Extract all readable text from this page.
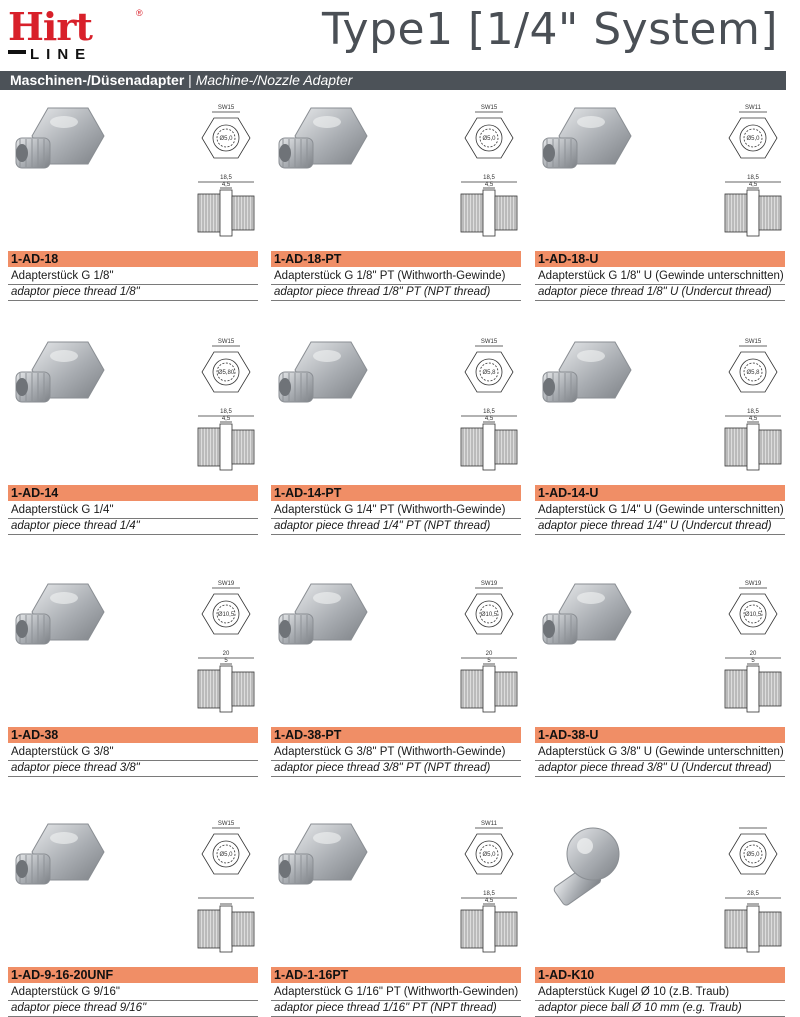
Hirt	®
LINE	Type1 [1/4" System]
Maschinen-/Düsenadapter | Machine-/Nozzle Adapter
SW15
Ø5,0
18,5
4,5
1-AD-18
Adapterstück G 1/8"
adaptor piece thread 1/8"
SW15
Ø5,0
18,5
4,5
1-AD-18-PT
Adapterstück G 1/8" PT (Withworth-Gewinde)
adaptor piece thread 1/8" PT (NPT thread)
SW11
Ø5,0
18,5
4,5
1-AD-18-U
Adapterstück G 1/8" U (Gewinde unterschnitten)
adaptor piece thread 1/8" U (Undercut thread)
SW15
Ø5,80
18,5
4,5
1-AD-14
Adapterstück G 1/4"
adaptor piece thread 1/4"
SW15
Ø5,8
18,5
4,5
1-AD-14-PT
Adapterstück G 1/4" PT (Withworth-Gewinde)
adaptor piece thread 1/4" PT (NPT thread)
SW15
Ø5,8
18,5
4,5
1-AD-14-U
Adapterstück G 1/4" U (Gewinde unterschnitten)
adaptor piece thread 1/4" U (Undercut thread)
SW19
Ø10,5
20
5
1-AD-38
Adapterstück G 3/8"
adaptor piece thread 3/8"
SW19
Ø10,5
20
5
1-AD-38-PT
Adapterstück G 3/8" PT (Withworth-Gewinde)
adaptor piece thread 3/8" PT (NPT thread)
SW19
Ø10,5
20
5
1-AD-38-U
Adapterstück G 3/8" U (Gewinde unterschnitten)
adaptor piece thread 3/8" U (Undercut thread)
SW15
Ø5,0
1-AD-9-16-20UNF
Adapterstück G 9/16"
adaptor piece thread 9/16"
SW11
Ø5,0
18,5
4,5
1-AD-1-16PT
Adapterstück G 1/16" PT (Withworth-Gewinden)
adaptor piece thread 1/16" PT (NPT thread)
Ø5,0
28,5
1-AD-K10
Adapterstück Kugel Ø 10 (z.B. Traub)
adaptor piece ball Ø 10 mm (e.g. Traub)
